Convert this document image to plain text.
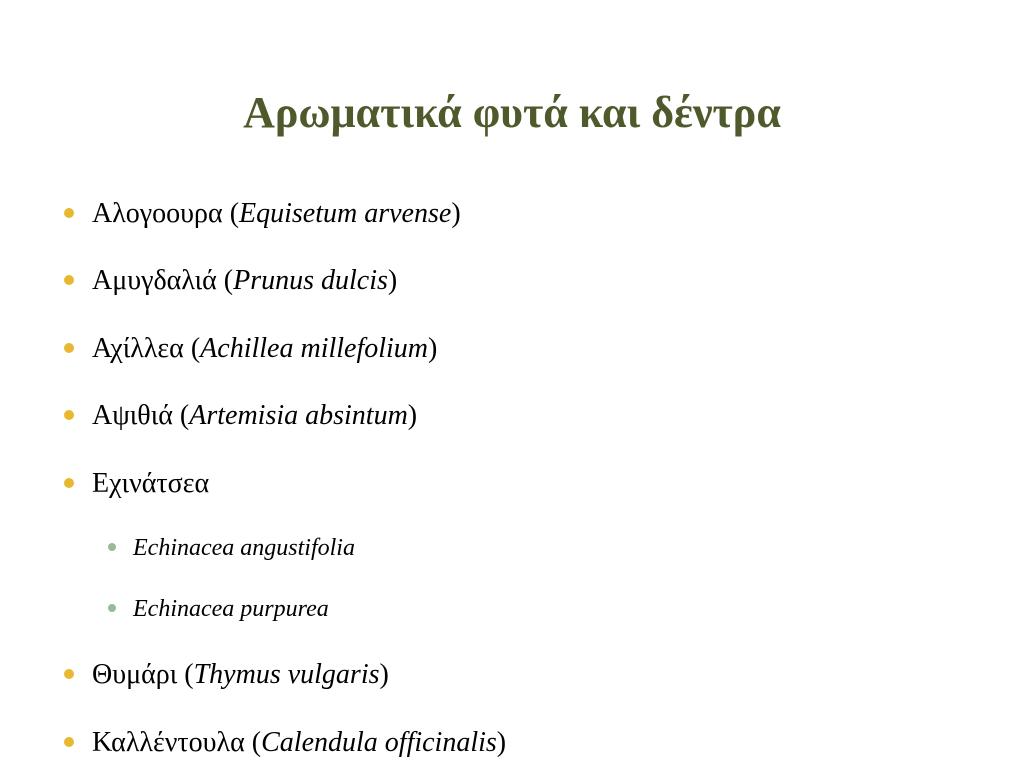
Αρωματικά φυτά και δέντρα
Αλογοουρα (Equisetum arvense)
Αμυγδαλιά (Prunus dulcis)
Αχίλλεα (Achillea millefolium)
Αψιθιά (Artemisia absintum)
Εχινάτσεα
Echinacea angustifolia
Echinacea purpurea
Θυμάρι (Thymus vulgaris)
Καλλέντουλα (Calendula officinalis)
